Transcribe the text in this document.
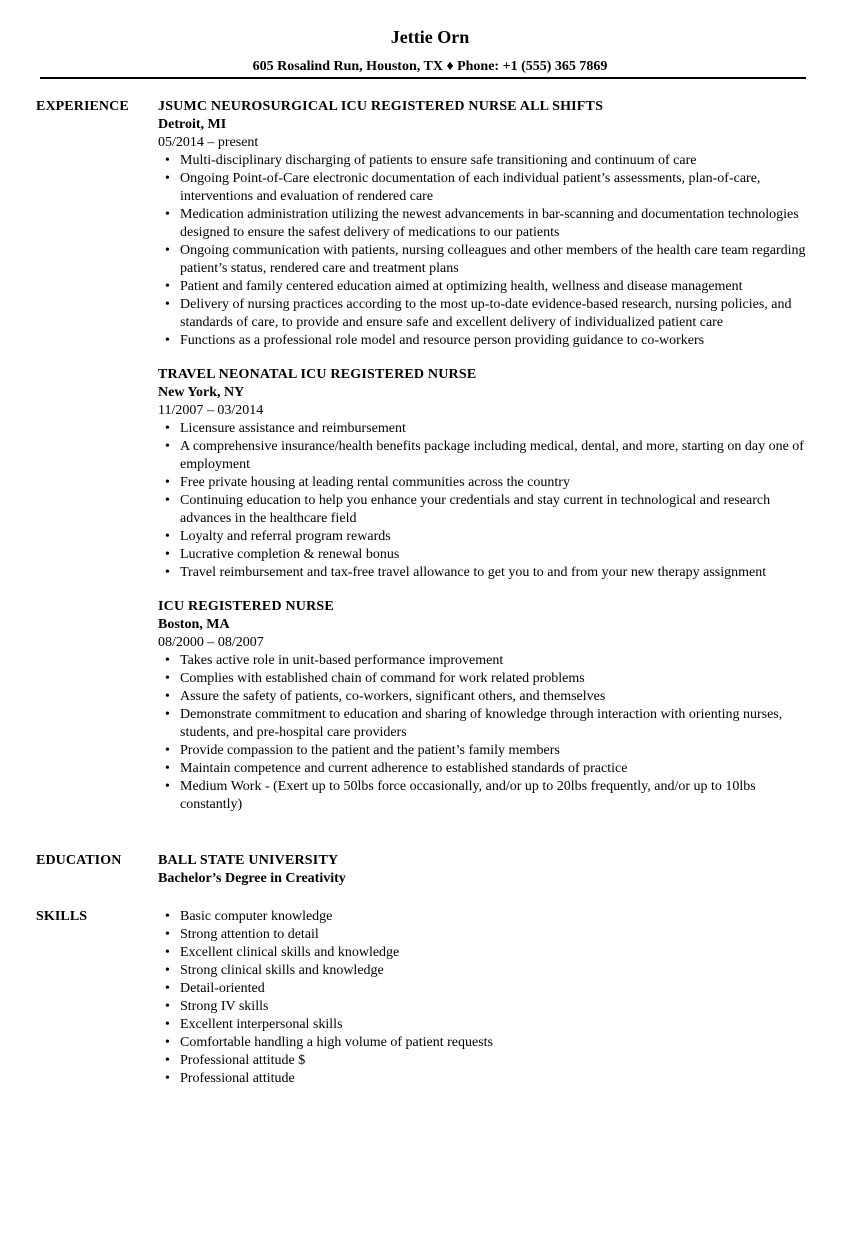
Jettie Orn
605 Rosalind Run, Houston, TX ♦ Phone: +1 (555) 365 7869
EXPERIENCE	JSUMC NEUROSURGICAL ICU REGISTERED NURSE ALL SHIFTS
Detroit, MI
05/2014 – present
• Multi-disciplinary discharging of patients to ensure safe transitioning and continuum of care
• Ongoing Point-of-Care electronic documentation of each individual patient’s assessments, plan-of-care, interventions and evaluation of rendered care
• Medication administration utilizing the newest advancements in bar-scanning and documentation technologies designed to ensure the safest delivery of medications to our patients
• Ongoing communication with patients, nursing colleagues and other members of the health care team regarding patient’s status, rendered care and treatment plans
• Patient and family centered education aimed at optimizing health, wellness and disease management
• Delivery of nursing practices according to the most up-to-date evidence-based research, nursing policies, and standards of care, to provide and ensure safe and excellent delivery of individualized patient care
• Functions as a professional role model and resource person providing guidance to co-workers
TRAVEL NEONATAL ICU REGISTERED NURSE
New York, NY
11/2007 – 03/2014
• Licensure assistance and reimbursement
• A comprehensive insurance/health benefits package including medical, dental, and more, starting on day one of employment
• Free private housing at leading rental communities across the country
• Continuing education to help you enhance your credentials and stay current in technological and research advances in the healthcare field
• Loyalty and referral program rewards
• Lucrative completion & renewal bonus
• Travel reimbursement and tax-free travel allowance to get you to and from your new therapy assignment
ICU REGISTERED NURSE
Boston, MA
08/2000 – 08/2007
• Takes active role in unit-based performance improvement
• Complies with established chain of command for work related problems
• Assure the safety of patients, co-workers, significant others, and themselves
• Demonstrate commitment to education and sharing of knowledge through interaction with orienting nurses, students, and pre-hospital care providers
• Provide compassion to the patient and the patient’s family members
• Maintain competence and current adherence to established standards of practice
• Medium Work - (Exert up to 50lbs force occasionally, and/or up to 20lbs frequently, and/or up to 10lbs constantly)
EDUCATION	BALL STATE UNIVERSITY
Bachelor’s Degree in Creativity
SKILLS
•	Basic computer knowledge
• Strong attention to detail
• Excellent clinical skills and knowledge
• Strong clinical skills and knowledge
• Detail-oriented
• Strong IV skills
• Excellent interpersonal skills
• Comfortable handling a high volume of patient requests
• Professional attitude $
• Professional attitude
